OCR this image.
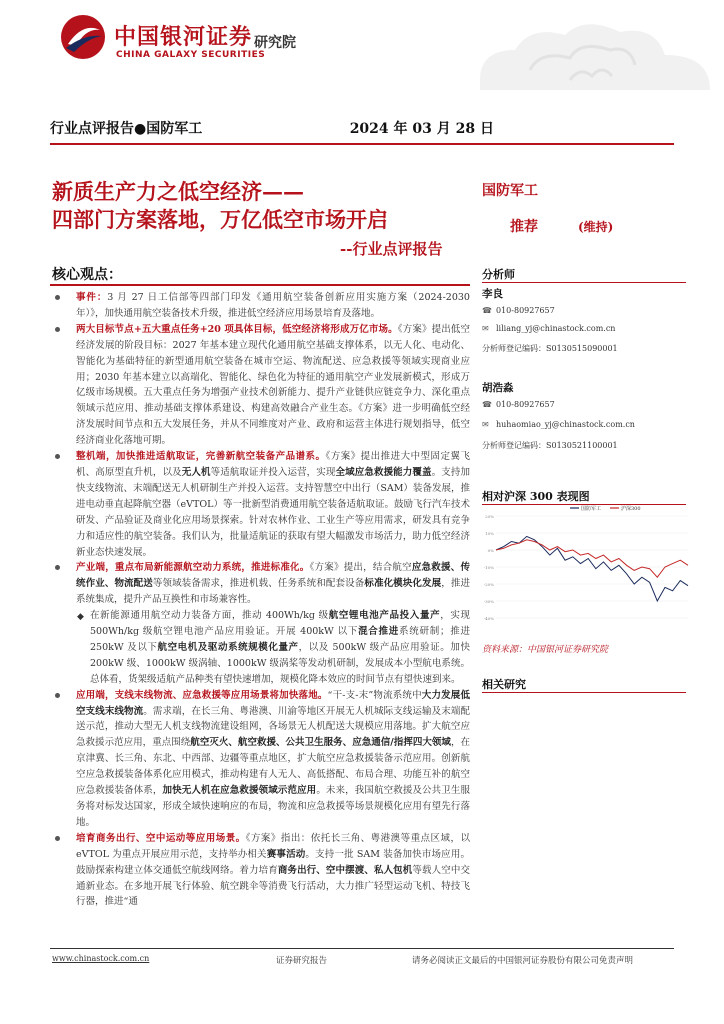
中国银河证券
CHINA GALAXY SECURITIES
研究院
行业点评报告●国防军工	2024 年 03 月 28 日
新质生产力之低空经济——
四部门方案落地，万亿低空市场开启
--行业点评报告
核心观点：
事件：3 月 27 日工信部等四部门印发《通用航空装备创新应用实施方案（2024-2030 年）》，加快通用航空装备技术升级，推进低空经济应用场景培育及落地。
两大目标节点+五大重点任务+20 项具体目标，低空经济将形成万亿市场。《方案》提出低空经济发展的阶段目标：2027 年基本建立现代化通用航空基础支撑体系，以无人化、电动化、智能化为基础特征的新型通用航空装备在城市空运、物流配送、应急救援等领域实现商业应用；2030 年基本建立以高端化、智能化、绿色化为特征的通用航空产业发展新模式，形成万亿级市场规模。五大重点任务为增强产业技术创新能力、提升产业链供应链竞争力、深化重点领域示范应用、推动基础支撑体系建设、构建高效融合产业生态。《方案》进一步明确低空经济发展时间节点和五大发展任务，并从不同维度对产业、政府和运营主体进行规划指导，低空经济商业化落地可期。
整机端，加快推进适航取证，完善新航空装备产品谱系。《方案》提出推进大中型固定翼飞机、高原型直升机，以及无人机等适航取证并投入运营，实现全域应急救援能力覆盖。支持加快支线物流、末端配送无人机研制生产并投入运营。支持智慧空中出行（SAM）装备发展，推进电动垂直起降航空器（eVTOL）等一批新型消费通用航空装备适航取证。鼓励飞行汽车技术研发、产品验证及商业化应用场景探索。针对农林作业、工业生产等应用需求，研发具有竞争力和适应性的航空装备。我们认为，批量适航证的获取有望大幅激发市场活力，助力低空经济新业态快速发展。
产业端，重点布局新能源航空动力系统，推进标准化。《方案》提出，结合航空应急救援、传统作业、物流配送等领域装备需求，推进机载、任务系统和配套设备标准化模块化发展，推进系统集成，提升产品互换性和市场兼容性。
◆ 在新能源通用航空动力装备方面，推动 400Wh/kg 级航空锂电池产品投入量产，实现 500Wh/kg 级航空锂电池产品应用验证。开展 400kW 以下混合推进系统研制；推进 250kW 及以下航空电机及驱动系统规模化量产，以及 500kW 级产品应用验证。加快 200kW 级、1000kW 级涡轴、1000kW 级涡桨等发动机研制，发展成本小型航电系统。总体看，货架级适航产品种类有望快速增加，规模化降本效应的时间节点有望快速到来。
应用端，支线末线物流、应急救援等应用场景将加快落地。“干-支-末”物流系统中大力发展低空支线末线物流。需求端，在长三角、粤港澳、川渝等地区开展无人机城际支线运输及末端配送示范，推动大型无人机支线物流建设组网，各场景无人机配送大规模应用落地。扩大航空应急救援示范应用，重点围绕航空灭火、航空救援、公共卫生服务、应急通信/指挥四大领域，在京津冀、长三角、东北、中西部、边疆等重点地区，扩大航空应急救援装备示范应用。创新航空应急救援装备体系化应用模式，推动构建有人无人、高低搭配、布局合理、功能互补的航空应急救援装备体系，加快无人机在应急救援领域示范应用。未来，我国航空救援及公共卫生服务将对标发达国家，形成全域快速响应的布局，物流和应急救援等场景规模化应用有望先行落地。
培育商务出行、空中运动等应用场景。《方案》指出：依托长三角、粤港澳等重点区域，以 eVTOL 为重点开展应用示范，支持举办相关赛事活动。支持一批 SAM 装备加快市场应用。鼓励探索构建立体交通低空航线网络。着力培育商务出行、空中摆渡、私人包机等载人空中交通新业态。在多地开展飞行体验、航空跳伞等消费飞行活动，大力推广轻型运动飞机、特技飞行器，推进“通
国防军工
推荐	(维持)
分析师
李良
☎ 010-80927657
✉ liliang_yj@chinastock.com.cn
分析师登记编码：S0130515090001
胡浩淼
☎ 010-80927657
✉ huhaomiao_yj@chinastock.com.cn
分析师登记编码：S0130521100001
相对沪深 300 表现图
相关研究
20%
10%
0%
-10%
-20%
-30%
-40%
国防军工	沪深300
资料来源：中国银河证券研究院
www.chinastock.com.cn	证券研究报告	请务必阅读正文最后的中国银河证券股份有限公司免责声明
